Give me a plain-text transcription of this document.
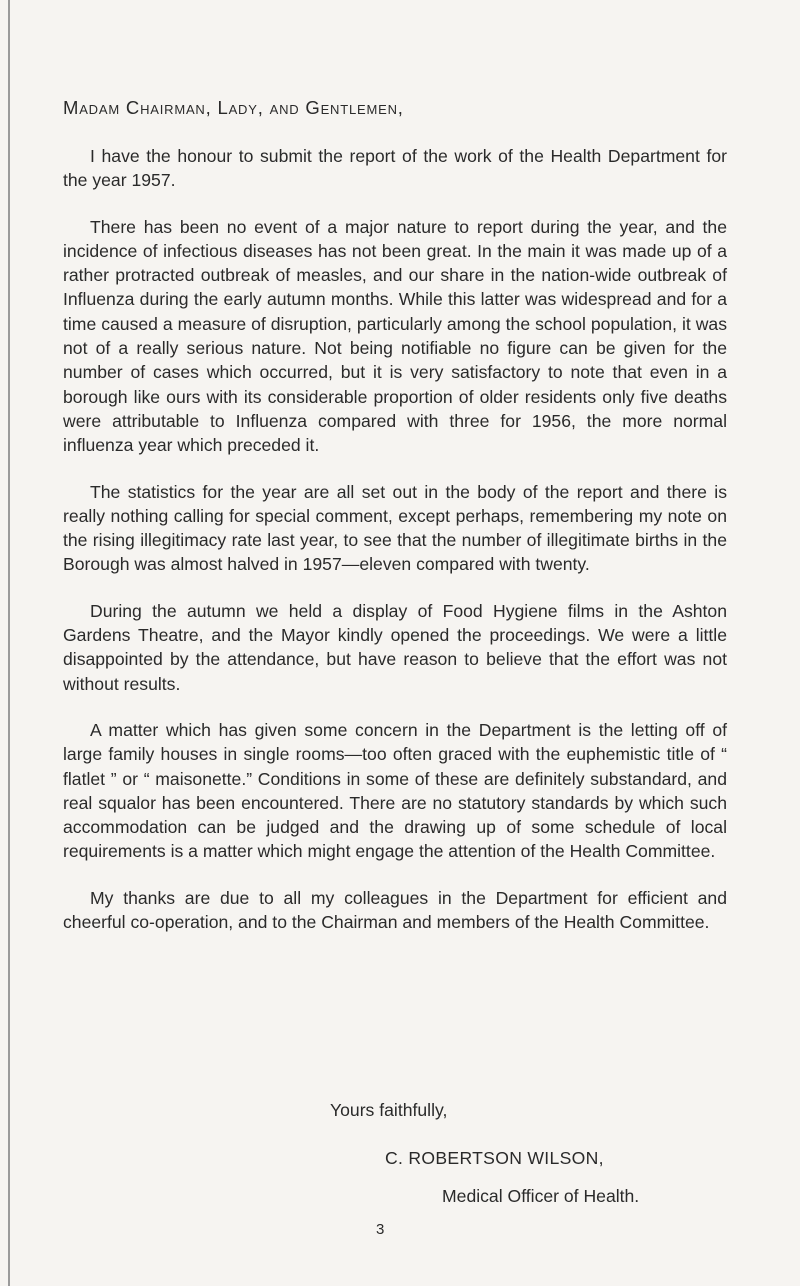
Madam Chairman, Lady, and Gentlemen,

I have the honour to submit the report of the work of the Health Department for the year 1957.

There has been no event of a major nature to report during the year, and the incidence of infectious diseases has not been great. In the main it was made up of a rather protracted outbreak of measles, and our share in the nation-wide outbreak of Influenza during the early autumn months. While this latter was widespread and for a time caused a measure of disruption, particularly among the school population, it was not of a really serious nature. Not being notifiable no figure can be given for the number of cases which occurred, but it is very satisfactory to note that even in a borough like ours with its considerable proportion of older residents only five deaths were attributable to Influenza compared with three for 1956, the more normal influenza year which preceded it.

The statistics for the year are all set out in the body of the report and there is really nothing calling for special comment, except perhaps, remembering my note on the rising illegitimacy rate last year, to see that the number of illegitimate births in the Borough was almost halved in 1957—eleven compared with twenty.

During the autumn we held a display of Food Hygiene films in the Ashton Gardens Theatre, and the Mayor kindly opened the proceedings. We were a little disappointed by the attendance, but have reason to believe that the effort was not without results.

A matter which has given some concern in the Department is the letting off of large family houses in single rooms—too often graced with the euphemistic title of “ flatlet ” or “ maisonette.” Conditions in some of these are definitely substandard, and real squalor has been encountered. There are no statutory standards by which such accommodation can be judged and the drawing up of some schedule of local requirements is a matter which might engage the attention of the Health Committee.

My thanks are due to all my colleagues in the Department for efficient and cheerful co-operation, and to the Chairman and members of the Health Committee.

Yours faithfully,
C. ROBERTSON WILSON,
Medical Officer of Health.
3
